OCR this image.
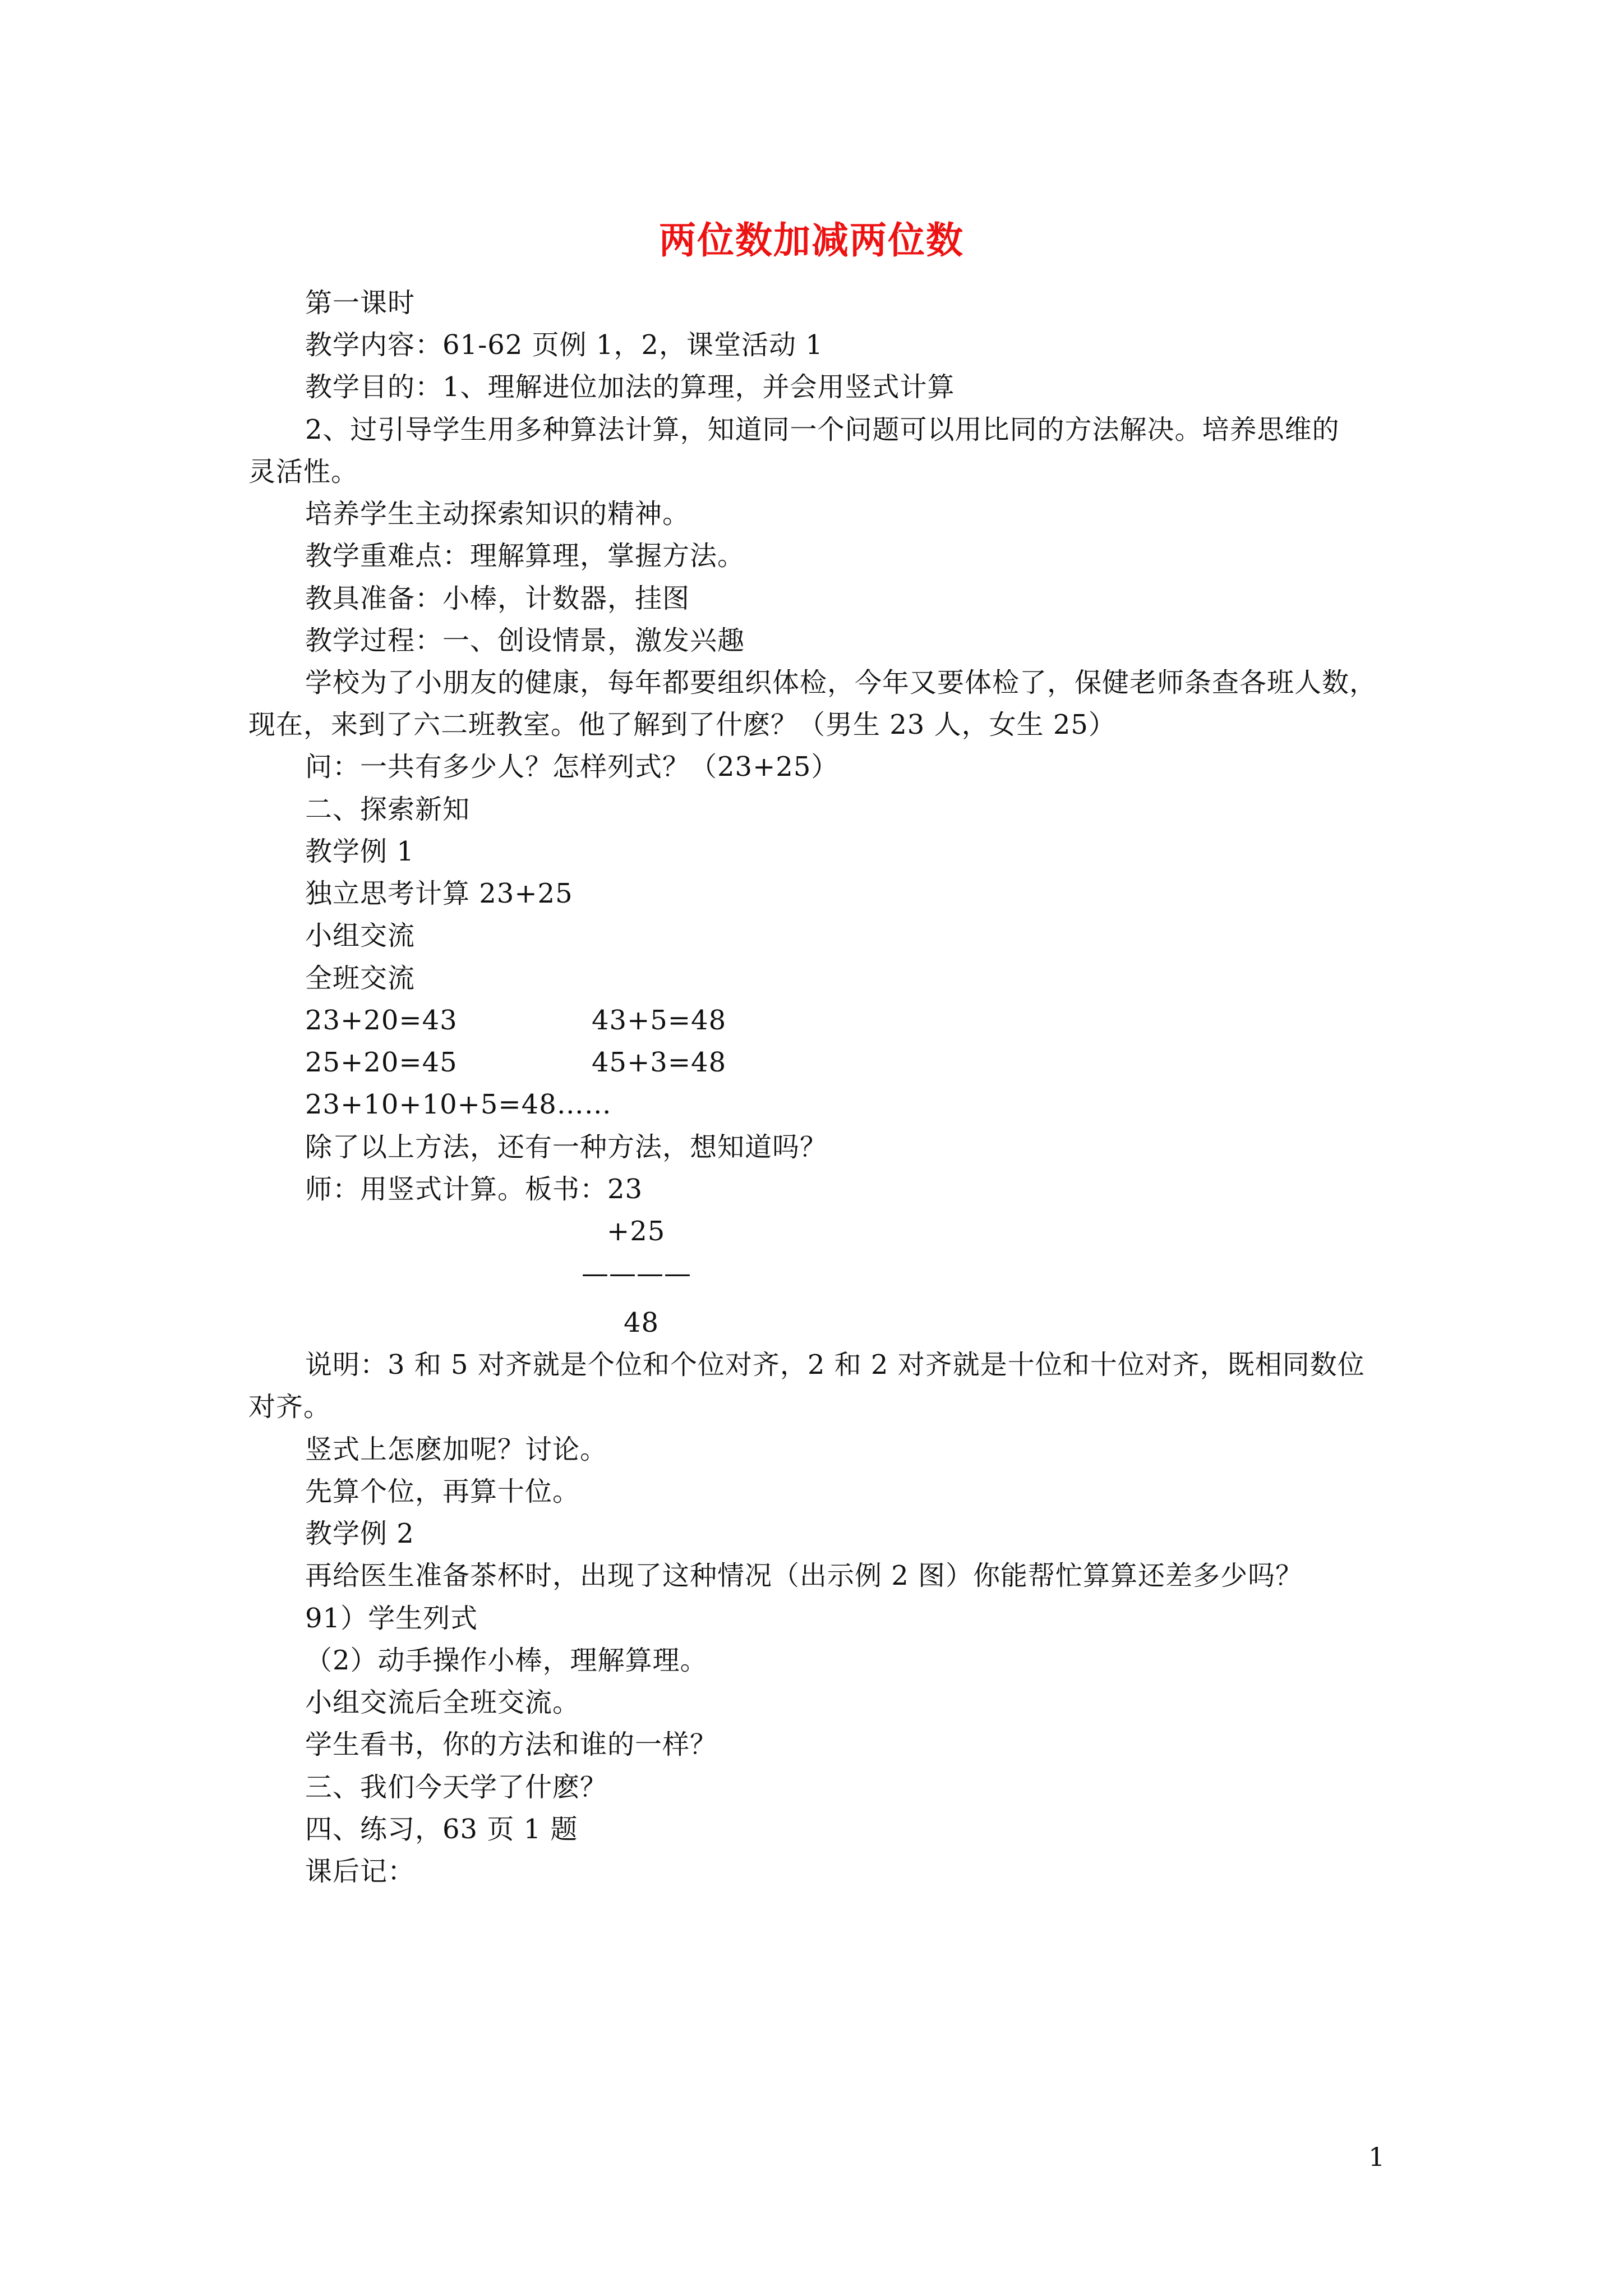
两位数加减两位数
第一课时
教学内容：61-62 页例 1，2，课堂活动 1
教学目的：1、理解进位加法的算理，并会用竖式计算
2、过引导学生用多种算法计算，知道同一个问题可以用比同的方法解决。培养思维的
灵活性。
培养学生主动探索知识的精神。
教学重难点：理解算理，掌握方法。
教具准备：小棒，计数器，挂图
教学过程：一、创设情景，激发兴趣
学校为了小朋友的健康，每年都要组织体检，今年又要体检了，保健老师条查各班人数，
现在，来到了六二班教室。他了解到了什麽？（男生 23 人，女生 25）
问：一共有多少人？怎样列式？（23+25）
二、探索新知
教学例 1
独立思考计算 23+25
小组交流
全班交流
23+20=43	43+5=48
25+20=45	45+3=48
23+10+10+5=48……
除了以上方法，还有一种方法，想知道吗？
师：用竖式计算。板书：23
+25
————
48
说明：3 和 5 对齐就是个位和个位对齐，2 和 2 对齐就是十位和十位对齐，既相同数位
对齐。
竖式上怎麽加呢？讨论。
先算个位，再算十位。
教学例 2
再给医生准备茶杯时，出现了这种情况（出示例 2 图）你能帮忙算算还差多少吗？
91）学生列式
（2）动手操作小棒，理解算理。
小组交流后全班交流。
学生看书，你的方法和谁的一样？
三、我们今天学了什麽？
四、练习，63 页 1 题
课后记：
1
